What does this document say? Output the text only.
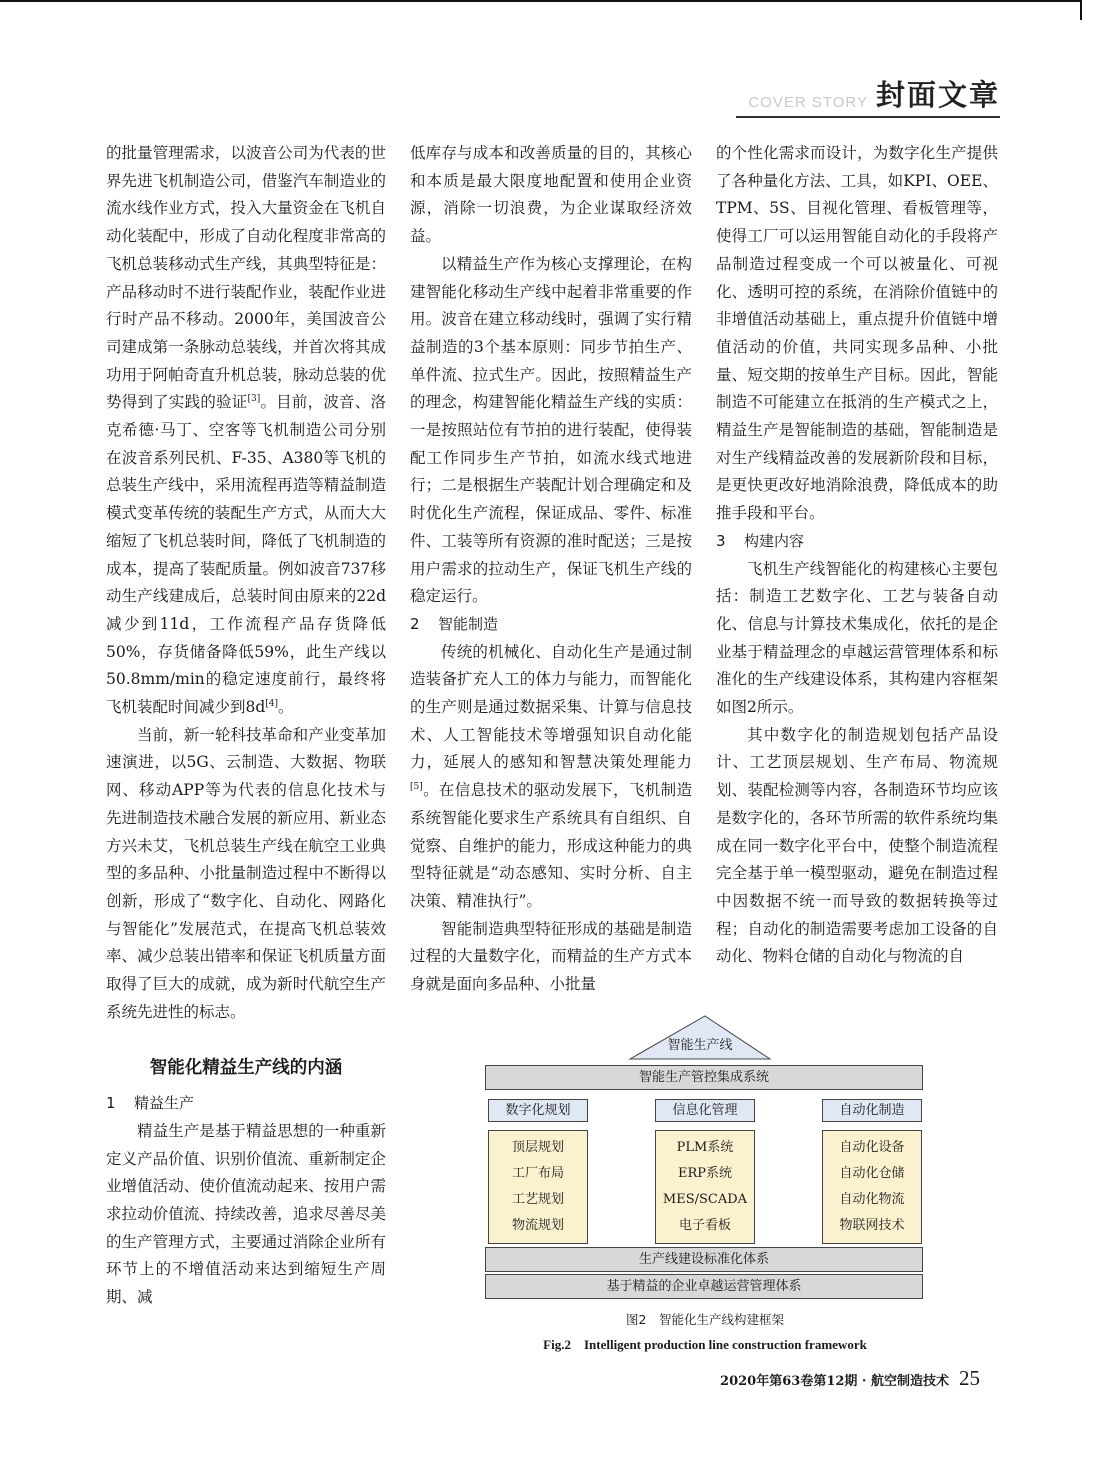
COVER STORY 封面文章

的批量管理需求，以波音公司为代表的世界先进飞机制造公司，借鉴汽车制造业的流水线作业方式，投入大量资金在飞机自动化装配中，形成了自动化程度非常高的飞机总装移动式生产线，其典型特征是：产品移动时不进行装配作业，装配作业进行时产品不移动。2000年，美国波音公司建成第一条脉动总装线，并首次将其成功用于阿帕奇直升机总装，脉动总装的优势得到了实践的验证[3]。目前，波音、洛克希德·马丁、空客等飞机制造公司分别在波音系列民机、F-35、A380等飞机的总装生产线中，采用流程再造等精益制造模式变革传统的装配生产方式，从而大大缩短了飞机总装时间，降低了飞机制造的成本，提高了装配质量。例如波音737移动生产线建成后，总装时间由原来的22d减少到11d，工作流程产品存货降低50%，存货储备降低59%，此生产线以50.8mm/min的稳定速度前行，最终将飞机装配时间减少到8d[4]。

当前，新一轮科技革命和产业变革加速演进，以5G、云制造、大数据、物联网、移动APP等为代表的信息化技术与先进制造技术融合发展的新应用、新业态方兴未艾，飞机总装生产线在航空工业典型的多品种、小批量制造过程中不断得以创新，形成了“数字化、自动化、网路化与智能化”发展范式，在提高飞机总装效率、减少总装出错率和保证飞机质量方面取得了巨大的成就，成为新时代航空生产系统先进性的标志。

智能化精益生产线的内涵

1 精益生产

精益生产是基于精益思想的一种重新定义产品价值、识别价值流、重新制定企业增值活动、使价值流动起来、按用户需求拉动价值流、持续改善，追求尽善尽美的生产管理方式，主要通过消除企业所有环节上的不增值活动来达到缩短生产周期、减

低库存与成本和改善质量的目的，其核心和本质是最大限度地配置和使用企业资源，消除一切浪费，为企业谋取经济效益。

以精益生产作为核心支撑理论，在构建智能化移动生产线中起着非常重要的作用。波音在建立移动线时，强调了实行精益制造的3个基本原则：同步节拍生产、单件流、拉式生产。因此，按照精益生产的理念，构建智能化精益生产线的实质：一是按照站位有节拍的进行装配，使得装配工作同步生产节拍，如流水线式地进行；二是根据生产装配计划合理确定和及时优化生产流程，保证成品、零件、标准件、工装等所有资源的准时配送；三是按用户需求的拉动生产，保证飞机生产线的稳定运行。

2 智能制造

传统的机械化、自动化生产是通过制造装备扩充人工的体力与能力，而智能化的生产则是通过数据采集、计算与信息技术、人工智能技术等增强知识自动化能力，延展人的感知和智慧决策处理能力[5]。在信息技术的驱动发展下，飞机制造系统智能化要求生产系统具有自组织、自觉察、自维护的能力，形成这种能力的典型特征就是“动态感知、实时分析、自主决策、精准执行”。

智能制造典型特征形成的基础是制造过程的大量数字化，而精益的生产方式本身就是面向多品种、小批量

的个性化需求而设计，为数字化生产提供了各种量化方法、工具，如KPI、OEE、TPM、5S、目视化管理、看板管理等，使得工厂可以运用智能自动化的手段将产品制造过程变成一个可以被量化、可视化、透明可控的系统，在消除价值链中的非增值活动基础上，重点提升价值链中增值活动的价值，共同实现多品种、小批量、短交期的按单生产目标。因此，智能制造不可能建立在抵消的生产模式之上，精益生产是智能制造的基础，智能制造是对生产线精益改善的发展新阶段和目标，是更快更改好地消除浪费，降低成本的助推手段和平台。

3 构建内容

飞机生产线智能化的构建核心主要包括：制造工艺数字化、工艺与装备自动化、信息与计算技术集成化，依托的是企业基于精益理念的卓越运营管理体系和标准化的生产线建设体系，其构建内容框架如图2所示。

其中数字化的制造规划包括产品设计、工艺顶层规划、生产布局、物流规划、装配检测等内容，各制造环节均应该是数字化的，各环节所需的软件系统均集成在同一数字化平台中，使整个制造流程完全基于单一模型驱动，避免在制造过程中因数据不统一而导致的数据转换等过程；自动化的制造需要考虑加工设备的自动化、物料仓储的自动化与物流的自

智能生产线
智能生产管控集成系统
数字化规划	信息化管理	自动化制造
顶层规划
工厂布局
工艺规划
物流规划
PLM系统
ERP系统
MES/SCADA
电子看板
自动化设备
自动化仓储
自动化物流
物联网技术
生产线建设标准化体系
基于精益的企业卓越运营管理体系
图2　智能化生产线构建框架
Fig.2　Intelligent production line construction framework
2020年第63卷第12期 · 航空制造技术 25
